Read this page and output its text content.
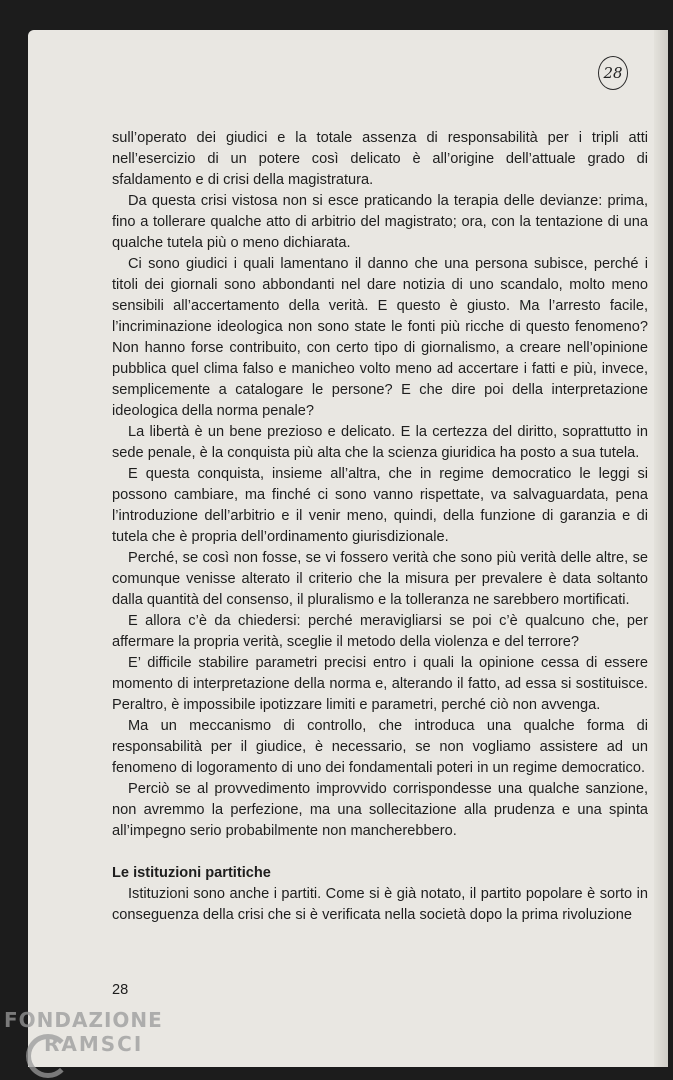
28

sull’operato dei giudici e la totale assenza di responsabilità per i tripli atti nell’esercizio di un potere così delicato è all’origine dell’attuale grado di sfaldamento e di crisi della magistratura.

Da questa crisi vistosa non si esce praticando la terapia delle devianze: prima, fino a tollerare qualche atto di arbitrio del magistrato; ora, con la tentazione di una qualche tutela più o meno dichiarata.

Ci sono giudici i quali lamentano il danno che una persona subisce, perché i titoli dei giornali sono abbondanti nel dare notizia di uno scandalo, molto meno sensibili all’accertamento della verità. E questo è giusto. Ma l’arresto facile, l’incriminazione ideologica non sono state le fonti più ricche di questo fenomeno? Non hanno forse contribuito, con certo tipo di giornalismo, a creare nell’opinione pubblica quel clima falso e manicheo volto meno ad accertare i fatti e più, invece, semplicemente a catalogare le persone? E che dire poi della interpretazione ideologica della norma penale?

La libertà è un bene prezioso e delicato. E la certezza del diritto, soprattutto in sede penale, è la conquista più alta che la scienza giuridica ha posto a sua tutela.

E questa conquista, insieme all’altra, che in regime democratico le leggi si possono cambiare, ma finché ci sono vanno rispettate, va salvaguardata, pena l’introduzione dell’arbitrio e il venir meno, quindi, della funzione di garanzia e di tutela che è propria dell’ordinamento giurisdizionale.

Perché, se così non fosse, se vi fossero verità che sono più verità delle altre, se comunque venisse alterato il criterio che la misura per prevalere è data soltanto dalla quantità del consenso, il pluralismo e la tolleranza ne sarebbero mortificati.

E allora c’è da chiedersi: perché meravigliarsi se poi c’è qualcuno che, per affermare la propria verità, sceglie il metodo della violenza e del terrore?

E’ difficile stabilire parametri precisi entro i quali la opinione cessa di essere momento di interpretazione della norma e, alterando il fatto, ad essa si sostituisce. Peraltro, è impossibile ipotizzare limiti e parametri, perché ciò non avvenga.

Ma un meccanismo di controllo, che introduca una qualche forma di responsabilità per il giudice, è necessario, se non vogliamo assistere ad un fenomeno di logoramento di uno dei fondamentali poteri in un regime democratico.

Perciò se al provvedimento improvvido corrispondesse una qualche sanzione, non avremmo la perfezione, ma una sollecitazione alla prudenza e una spinta all’impegno serio probabilmente non mancherebbero.

Le istituzioni partitiche

Istituzioni sono anche i partiti. Come si è già notato, il partito popolare è sorto in conseguenza della crisi che si è verificata nella società dopo la prima rivoluzione

28
FONDAZIONE
RAMSCI
